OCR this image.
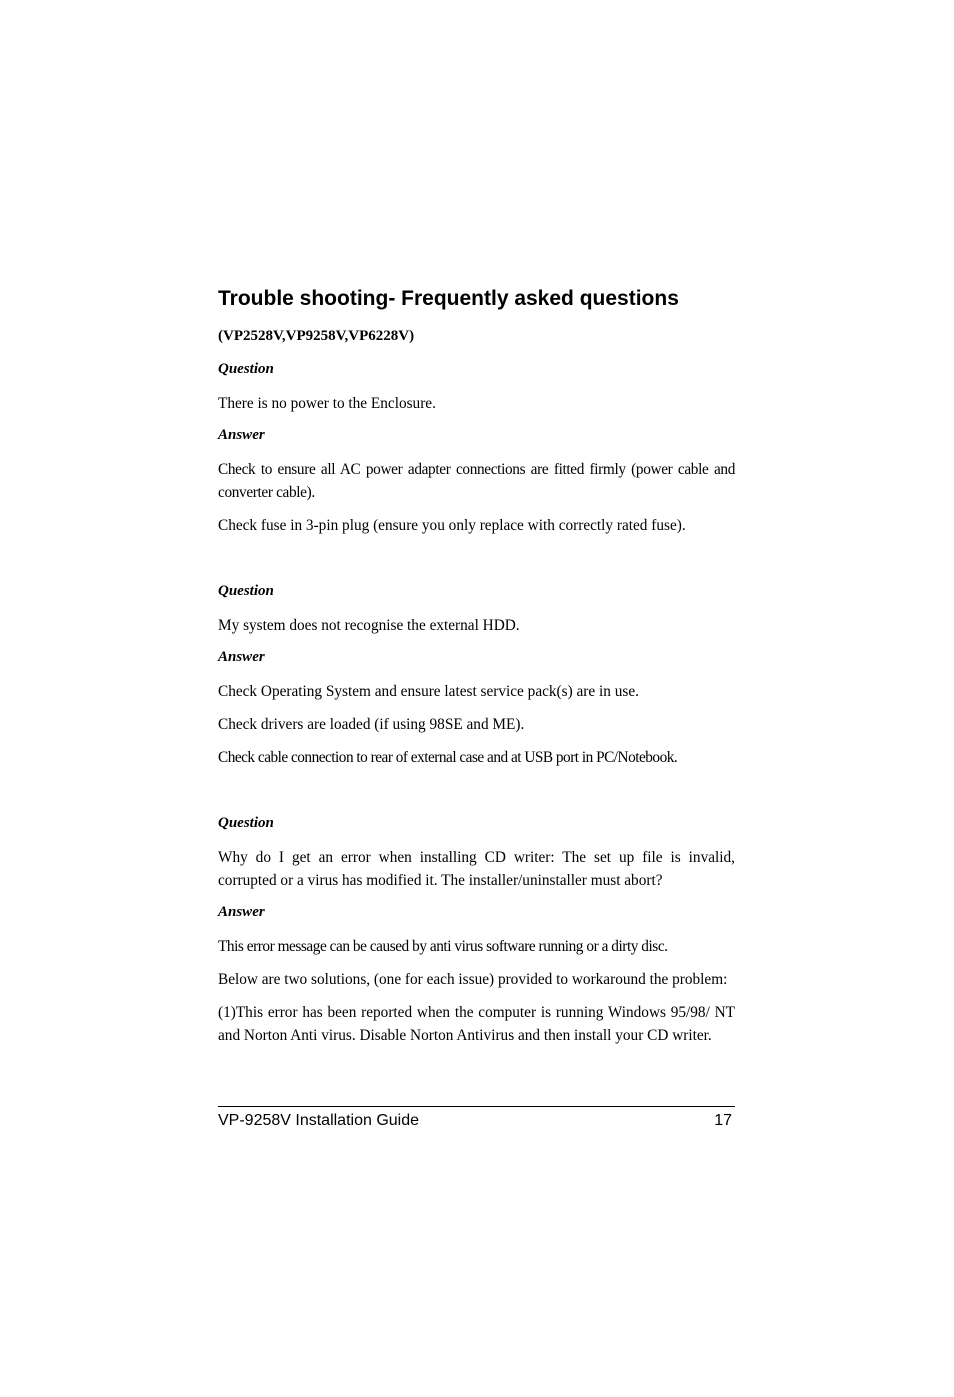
Trouble shooting- Frequently asked questions
(VP2528V,VP9258V,VP6228V)
Question
There is no power to the Enclosure.
Answer
Check to ensure all AC power adapter connections are fitted firmly (power cable and converter cable).
Check fuse in 3-pin plug (ensure you only replace with correctly rated fuse).
Question
My system does not recognise the external HDD.
Answer
Check Operating System and ensure latest service pack(s) are in use.
Check drivers are loaded (if using 98SE and ME).
Check cable connection to rear of external case and at USB port in PC/Notebook.
Question
Why do I get an error when installing CD writer: The set up file is invalid, corrupted or a virus has modified it. The installer/uninstaller must abort?
Answer
This error message can be caused by anti virus software running or a dirty disc.
Below are two solutions, (one for each issue) provided to workaround the problem:
(1)This error has been reported when the computer is running Windows 95/98/ NT and Norton Anti virus. Disable Norton Antivirus and then install your CD writer.
VP-9258V Installation Guide	17
